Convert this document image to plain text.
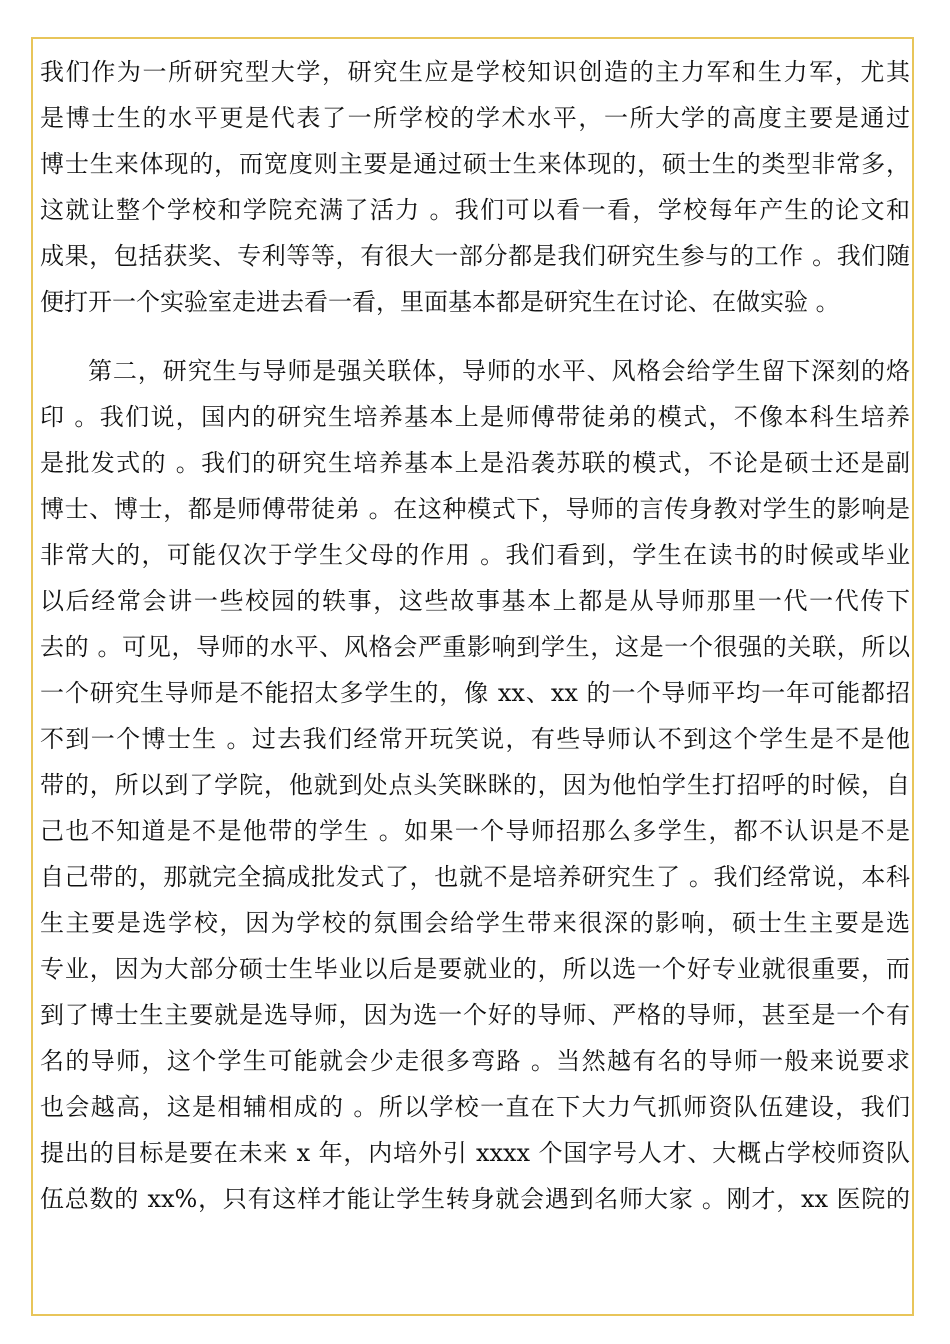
我们作为一所研究型大学，研究生应是学校知识创造的主力军和生力军，尤其
是博士生的水平更是代表了一所学校的学术水平，一所大学的高度主要是通过
博士生来体现的，而宽度则主要是通过硕士生来体现的，硕士生的类型非常多，
这就让整个学校和学院充满了活力 。我们可以看一看，学校每年产生的论文和
成果，包括获奖、专利等等，有很大一部分都是我们研究生参与的工作 。我们随
便打开一个实验室走进去看一看，里面基本都是研究生在讨论、在做实验 。
第二，研究生与导师是强关联体，导师的水平、风格会给学生留下深刻的烙
印 。我们说，国内的研究生培养基本上是师傅带徒弟的模式，不像本科生培养
是批发式的 。我们的研究生培养基本上是沿袭苏联的模式，不论是硕士还是副
博士、博士，都是师傅带徒弟 。在这种模式下，导师的言传身教对学生的影响是
非常大的，可能仅次于学生父母的作用 。我们看到，学生在读书的时候或毕业
以后经常会讲一些校园的轶事，这些故事基本上都是从导师那里一代一代传下
去的 。可见，导师的水平、风格会严重影响到学生，这是一个很强的关联，所以
一个研究生导师是不能招太多学生的，像 xx、xx 的一个导师平均一年可能都招
不到一个博士生 。过去我们经常开玩笑说，有些导师认不到这个学生是不是他
带的，所以到了学院，他就到处点头笑眯眯的，因为他怕学生打招呼的时候，自
己也不知道是不是他带的学生 。如果一个导师招那么多学生，都不认识是不是
自己带的，那就完全搞成批发式了，也就不是培养研究生了 。我们经常说，本科
生主要是选学校，因为学校的氛围会给学生带来很深的影响，硕士生主要是选
专业，因为大部分硕士生毕业以后是要就业的，所以选一个好专业就很重要，而
到了博士生主要就是选导师，因为选一个好的导师、严格的导师，甚至是一个有
名的导师，这个学生可能就会少走很多弯路 。当然越有名的导师一般来说要求
也会越高，这是相辅相成的 。所以学校一直在下大力气抓师资队伍建设，我们
提出的目标是要在未来 x 年，内培外引 xxxx 个国字号人才、大概占学校师资队
伍总数的 xx%，只有这样才能让学生转身就会遇到名师大家 。刚才，xx 医院的
